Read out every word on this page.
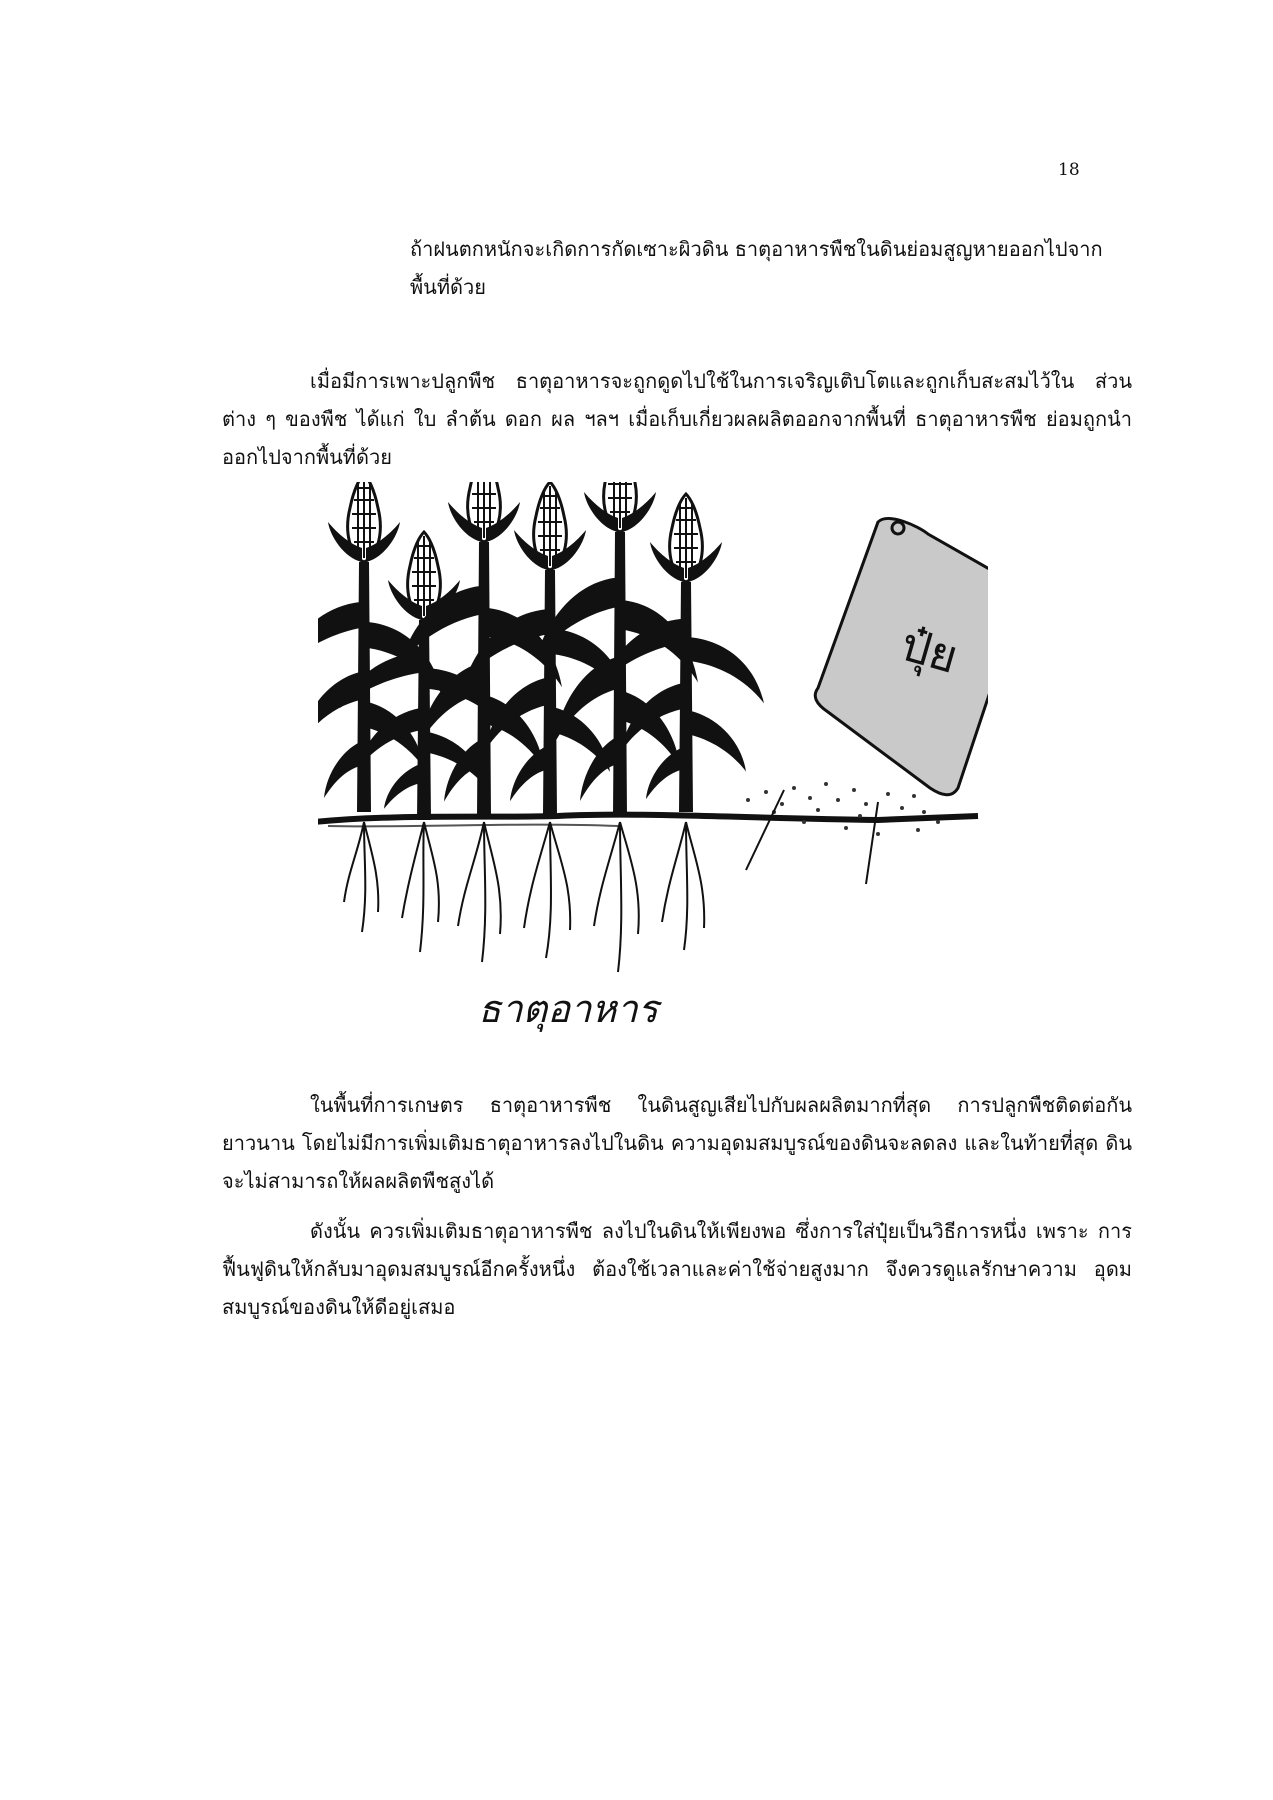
18

ถ้าฝนตกหนักจะเกิดการกัดเซาะผิวดิน ธาตุอาหารพืชในดินย่อมสูญหายออกไปจาก พื้นที่ด้วย

เมื่อมีการเพาะปลูกพืช ธาตุอาหารจะถูกดูดไปใช้ในการเจริญเติบโตและถูกเก็บสะสมไว้ใน ส่วนต่าง ๆ ของพืช ได้แก่ ใบ ลำต้น ดอก ผล ฯลฯ เมื่อเก็บเกี่ยวผลผลิตออกจากพื้นที่ ธาตุอาหารพืช ย่อมถูกนำออกไปจากพื้นที่ด้วย

ปุ๋ย
ธาตุอาหาร

ในพื้นที่การเกษตร ธาตุอาหารพืช ในดินสูญเสียไปกับผลผลิตมากที่สุด การปลูกพืชติดต่อกัน ยาวนาน โดยไม่มีการเพิ่มเติมธาตุอาหารลงไปในดิน ความอุดมสมบูรณ์ของดินจะลดลง และในท้ายที่สุด ดินจะไม่สามารถให้ผลผลิตพืชสูงได้

ดังนั้น ควรเพิ่มเติมธาตุอาหารพืช ลงไปในดินให้เพียงพอ ซึ่งการใส่ปุ๋ยเป็นวิธีการหนึ่ง เพราะ การฟื้นฟูดินให้กลับมาอุดมสมบูรณ์อีกครั้งหนึ่ง ต้องใช้เวลาและค่าใช้จ่ายสูงมาก จึงควรดูแลรักษาความ อุดมสมบูรณ์ของดินให้ดีอยู่เสมอ
